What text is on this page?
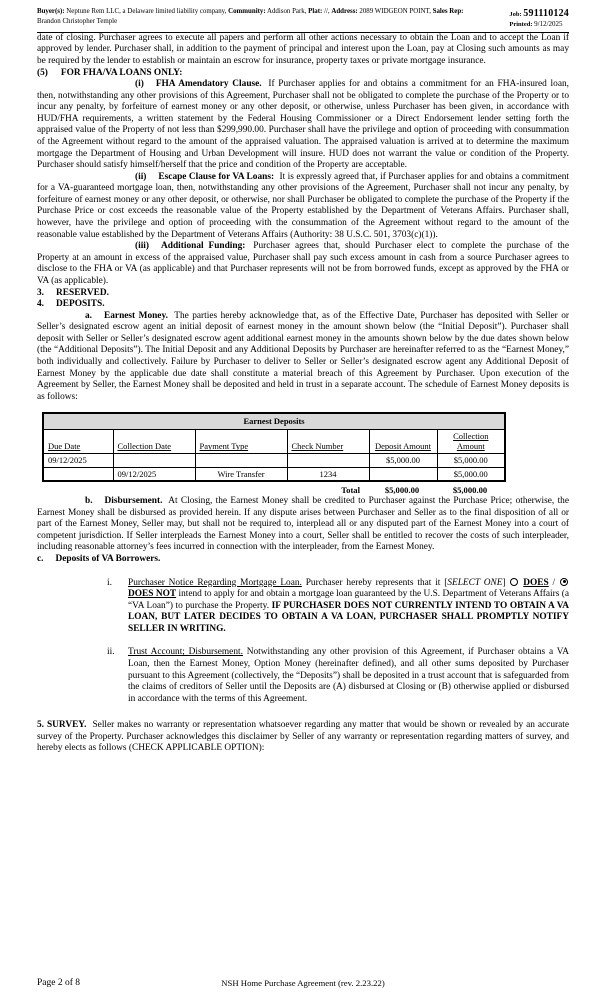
Buyer(s): Neptune Rem LLC, a Delaware limited liability company, Community: Addison Park, Plat: //, Address: 2089 WIDGEON POINT, Sales Rep: Brandon Christopher Temple
Job: 591110124
Printed: 9/12/2025

date of closing. Purchaser agrees to execute all papers and perform all other actions necessary to obtain the Loan and to accept the Loan if approved by lender. Purchaser shall, in addition to the payment of principal and interest upon the Loan, pay at Closing such amounts as may be required by the lender to establish or maintain an escrow for insurance, property taxes or private mortgage insurance.

(5) FOR FHA/VA LOANS ONLY:

(i) FHA Amendatory Clause. If Purchaser applies for and obtains a commitment for an FHA-insured loan, then, notwithstanding any other provisions of this Agreement, Purchaser shall not be obligated to complete the purchase of the Property or to incur any penalty, by forfeiture of earnest money or any other deposit, or otherwise, unless Purchaser has been given, in accordance with HUD/FHA requirements, a written statement by the Federal Housing Commissioner or a Direct Endorsement lender setting forth the appraised value of the Property of not less than $299,990.00. Purchaser shall have the privilege and option of proceeding with consummation of the Agreement without regard to the amount of the appraised valuation. The appraised valuation is arrived at to determine the maximum mortgage the Department of Housing and Urban Development will insure. HUD does not warrant the value or condition of the Property. Purchaser should satisfy himself/herself that the price and condition of the Property are acceptable.

(ii) Escape Clause for VA Loans: It is expressly agreed that, if Purchaser applies for and obtains a commitment for a VA-guaranteed mortgage loan, then, notwithstanding any other provisions of the Agreement, Purchaser shall not incur any penalty, by forfeiture of earnest money or any other deposit, or otherwise, nor shall Purchaser be obligated to complete the purchase of the Property if the Purchase Price or cost exceeds the reasonable value of the Property established by the Department of Veterans Affairs. Purchaser shall, however, have the privilege and option of proceeding with the consummation of the Agreement without regard to the amount of the reasonable value established by the Department of Veterans Affairs (Authority: 38 U.S.C. 501, 3703(c)(1)).

(iii) Additional Funding: Purchaser agrees that, should Purchaser elect to complete the purchase of the Property at an amount in excess of the appraised value, Purchaser shall pay such excess amount in cash from a source Purchaser agrees to disclose to the FHA or VA (as applicable) and that Purchaser represents will not be from borrowed funds, except as approved by the FHA or VA (as applicable).

3. RESERVED.

4. DEPOSITS.

a. Earnest Money. The parties hereby acknowledge that, as of the Effective Date, Purchaser has deposited with Seller or Seller’s designated escrow agent an initial deposit of earnest money in the amount shown below (the “Initial Deposit”). Purchaser shall deposit with Seller or Seller’s designated escrow agent additional earnest money in the amounts shown below by the due dates shown below (the “Additional Deposits”). The Initial Deposit and any Additional Deposits by Purchaser are hereinafter referred to as the “Earnest Money,” both individually and collectively. Failure by Purchaser to deliver to Seller or Seller’s designated escrow agent any Additional Deposit of Earnest Money by the applicable due date shall constitute a material breach of this Agreement by Purchaser. Upon execution of the Agreement by Seller, the Earnest Money shall be deposited and held in trust in a separate account. The schedule of Earnest Money deposits is as follows:

Earnest Deposits					
Due Date	Collection Date	Payment Type	Check Number	Deposit Amount	Collection Amount
09/12/2025				$5,000.00	$5,000.00
	09/12/2025	Wire Transfer	1234		$5,000.00
Total	$5,000.00	$5,000.00

b. Disbursement. At Closing, the Earnest Money shall be credited to Purchaser against the Purchase Price; otherwise, the Earnest Money shall be disbursed as provided herein. If any dispute arises between Purchaser and Seller as to the final disposition of all or part of the Earnest Money, Seller may, but shall not be required to, interplead all or any disputed part of the Earnest Money into a court of competent jurisdiction. If Seller interpleads the Earnest Money into a court, Seller shall be entitled to recover the costs of such interpleader, including reasonable attorney’s fees incurred in connection with the interpleader, from the Earnest Money.

c. Deposits of VA Borrowers.

i. Purchaser Notice Regarding Mortgage Loan. Purchaser hereby represents that it [SELECT ONE] DOES /  DOES NOT intend to apply for and obtain a mortgage loan guaranteed by the U.S. Department of Veterans Affairs (a “VA Loan”) to purchase the Property. IF PURCHASER DOES NOT CURRENTLY INTEND TO OBTAIN A VA LOAN, BUT LATER DECIDES TO OBTAIN A VA LOAN, PURCHASER SHALL PROMPTLY NOTIFY SELLER IN WRITING.
ii. Trust Account; Disbursement. Notwithstanding any other provision of this Agreement, if Purchaser obtains a VA Loan, then the Earnest Money, Option Money (hereinafter defined), and all other sums deposited by Purchaser pursuant to this Agreement (collectively, the “Deposits”) shall be deposited in a trust account that is safeguarded from the claims of creditors of Seller until the Deposits are (A) disbursed at Closing or (B) otherwise applied or disbursed in accordance with the terms of this Agreement.

5. SURVEY. Seller makes no warranty or representation whatsoever regarding any matter that would be shown or revealed by an accurate survey of the Property. Purchaser acknowledges this disclaimer by Seller of any warranty or representation regarding matters of survey, and hereby elects as follows (CHECK APPLICABLE OPTION):

Page 2 of 8	NSH Home Purchase Agreement (rev. 2.23.22)
